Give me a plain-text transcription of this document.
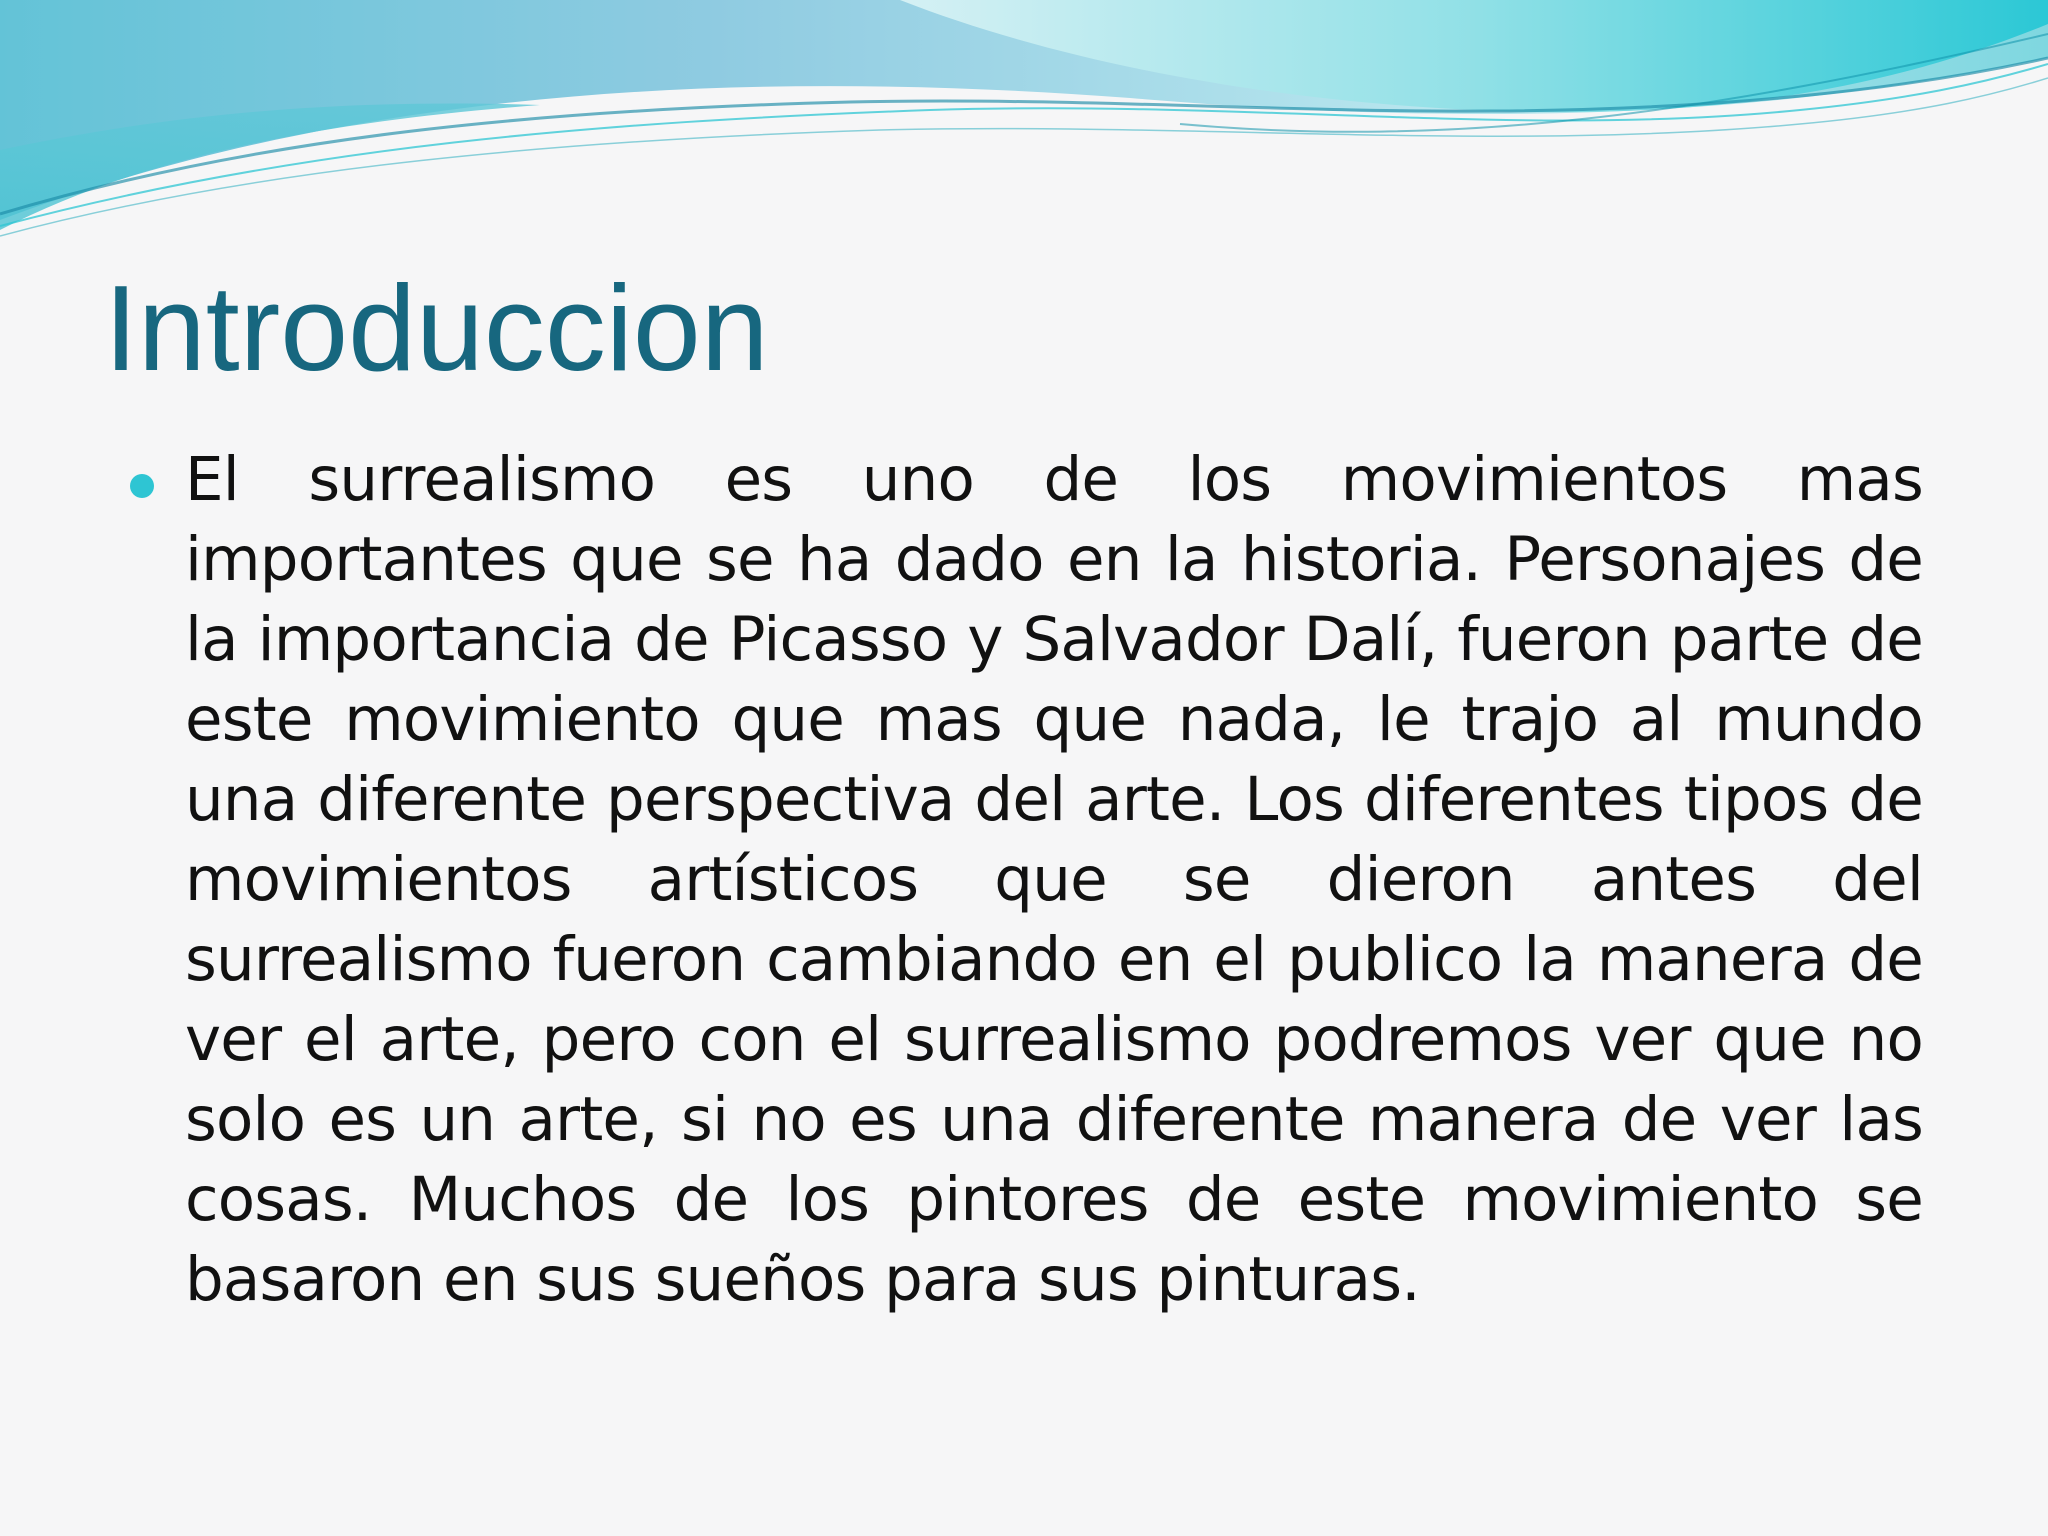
Introduccion

El surrealismo es uno de los movimientos mas importantes que se ha dado en la historia. Personajes de la importancia de Picasso y Salvador Dalí, fueron parte de este movimiento que mas que nada, le trajo al mundo una diferente perspectiva del arte. Los diferentes tipos de movimientos artísticos que se dieron antes del surrealismo fueron cambiando en el publico la manera de ver el arte, pero con el surrealismo podremos ver que no solo es un arte, si no es una diferente manera de ver las cosas. Muchos de los pintores de este movimiento se basaron en sus sueños para sus pinturas.
